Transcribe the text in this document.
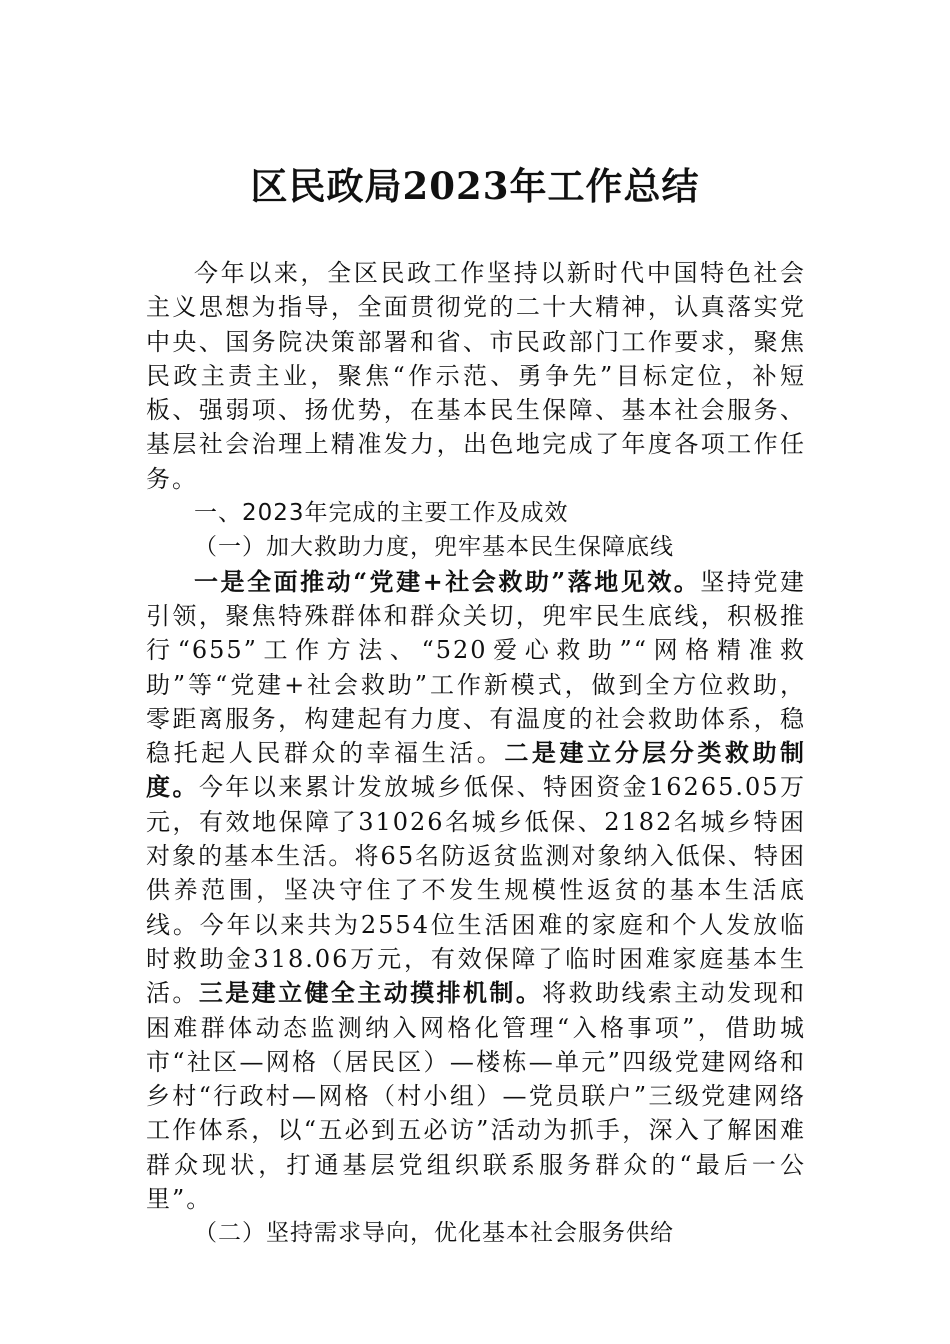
区民政局2023年工作总结

今年以来，全区民政工作坚持以新时代中国特色社会主义思想为指导，全面贯彻党的二十大精神，认真落实党中央、国务院决策部署和省、市民政部门工作要求，聚焦民政主责主业，聚焦“作示范、勇争先”目标定位，补短板、强弱项、扬优势，在基本民生保障、基本社会服务、基层社会治理上精准发力，出色地完成了年度各项工作任务。

一、2023年完成的主要工作及成效

（一）加大救助力度，兜牢基本民生保障底线

一是全面推动“党建+社会救助”落地见效。坚持党建引领，聚焦特殊群体和群众关切，兜牢民生底线，积极推行“655”工作方法、“520爱心救助”“网格精准救助”等“党建+社会救助”工作新模式，做到全方位救助，零距离服务，构建起有力度、有温度的社会救助体系，稳稳托起人民群众的幸福生活。二是建立分层分类救助制度。今年以来累计发放城乡低保、特困资金16265.05万元，有效地保障了31026名城乡低保、2182名城乡特困对象的基本生活。将65名防返贫监测对象纳入低保、特困供养范围，坚决守住了不发生规模性返贫的基本生活底线。今年以来共为2554位生活困难的家庭和个人发放临时救助金318.06万元，有效保障了临时困难家庭基本生活。三是建立健全主动摸排机制。将救助线索主动发现和困难群体动态监测纳入网格化管理“入格事项”，借助城市“社区—网格（居民区）—楼栋—单元”四级党建网络和乡村“行政村—网格（村小组）—党员联户”三级党建网络工作体系，以“五必到五必访”活动为抓手，深入了解困难群众现状，打通基层党组织联系服务群众的“最后一公里”。

（二）坚持需求导向，优化基本社会服务供给
